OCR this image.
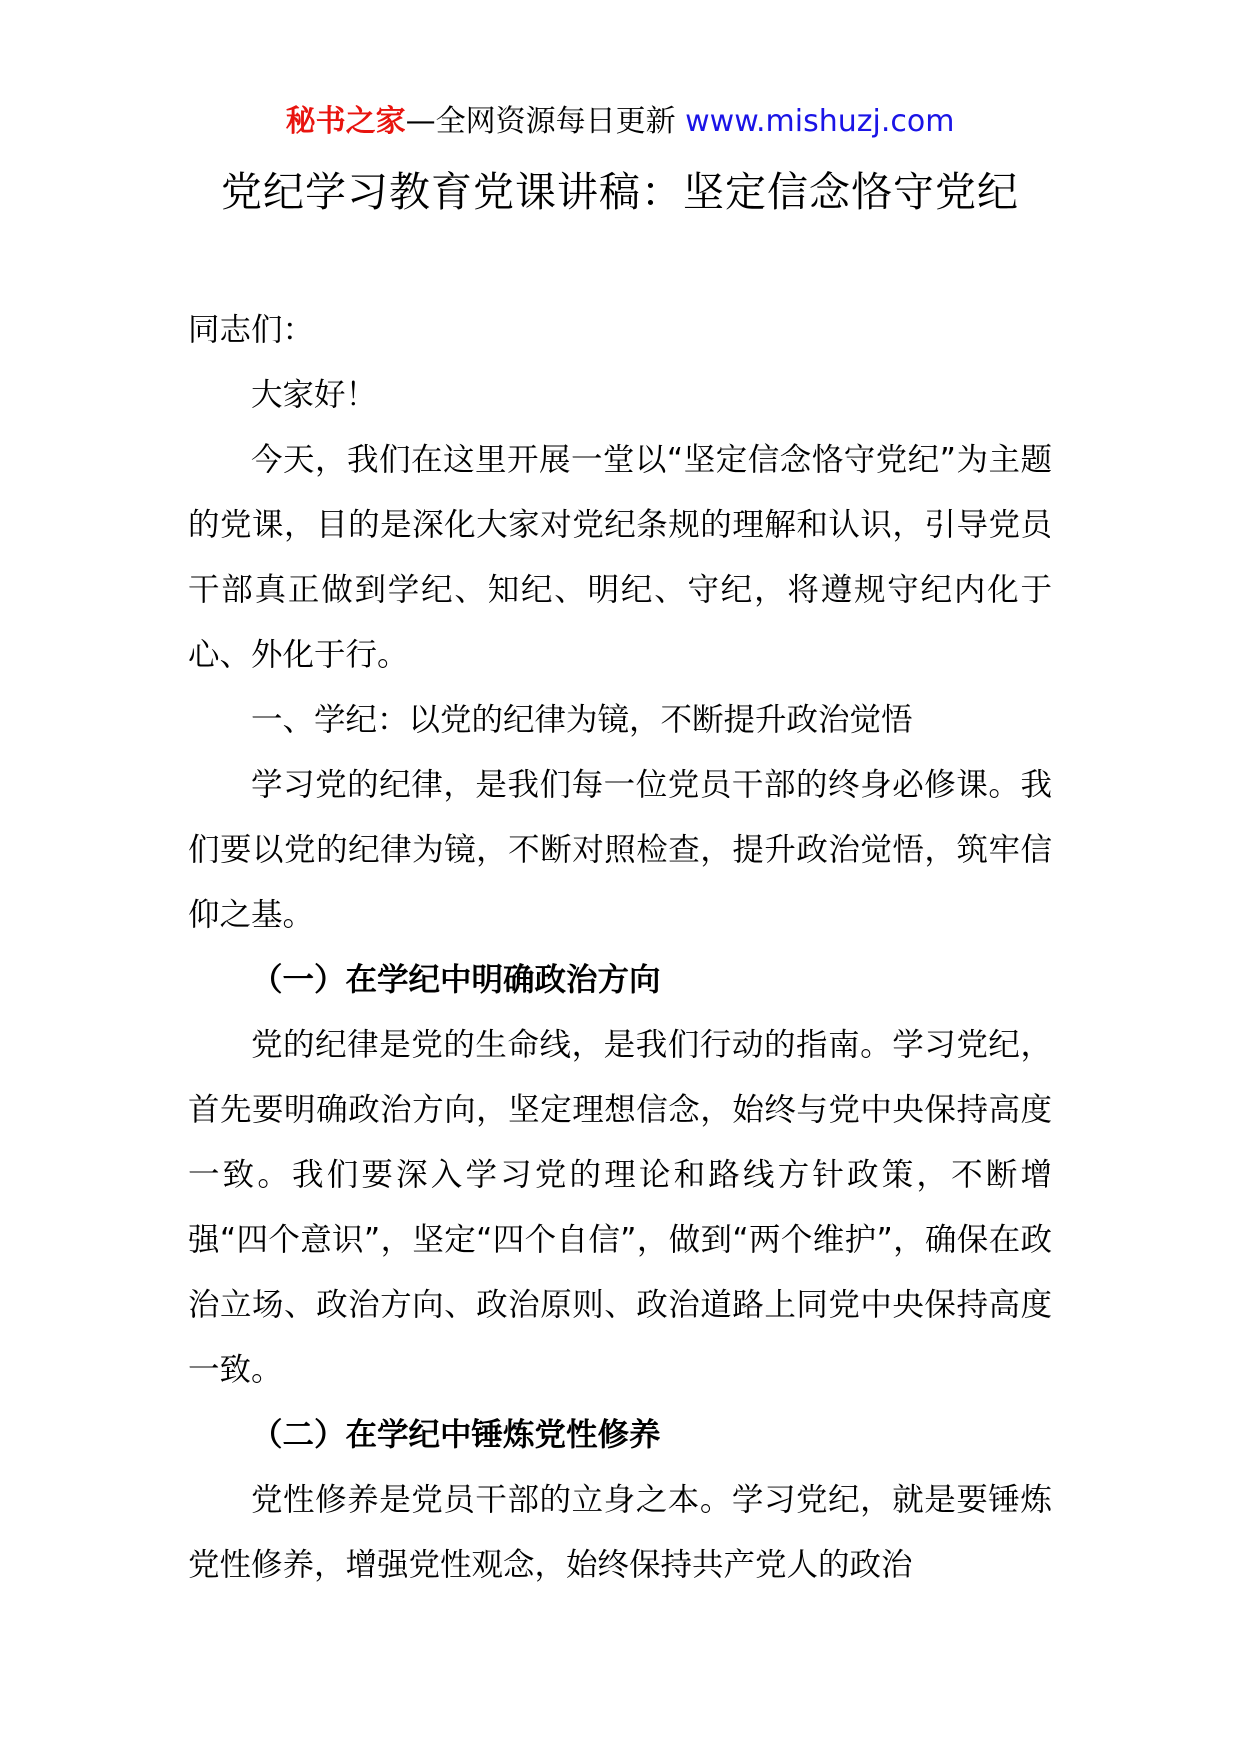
秘书之家—全网资源每日更新 www.mishuzj.com
党纪学习教育党课讲稿：坚定信念恪守党纪

同志们：

大家好！

今天，我们在这里开展一堂以“坚定信念恪守党纪”为主题的党课，目的是深化大家对党纪条规的理解和认识，引导党员干部真正做到学纪、知纪、明纪、守纪，将遵规守纪内化于心、外化于行。

一、学纪：以党的纪律为镜，不断提升政治觉悟

学习党的纪律，是我们每一位党员干部的终身必修课。我们要以党的纪律为镜，不断对照检查，提升政治觉悟，筑牢信仰之基。

（一）在学纪中明确政治方向

党的纪律是党的生命线，是我们行动的指南。学习党纪，首先要明确政治方向，坚定理想信念，始终与党中央保持高度一致。我们要深入学习党的理论和路线方针政策，不断增强“四个意识”，坚定“四个自信”，做到“两个维护”，确保在政治立场、政治方向、政治原则、政治道路上同党中央保持高度一致。

（二）在学纪中锤炼党性修养

党性修养是党员干部的立身之本。学习党纪，就是要锤炼党性修养，增强党性观念，始终保持共产党人的政治
